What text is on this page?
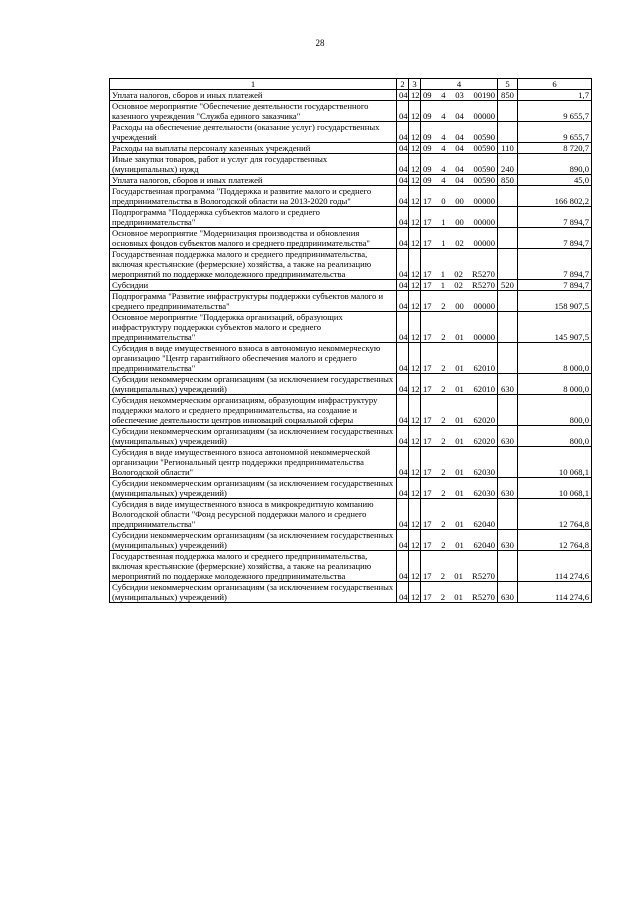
28
1	2	3	4	5	6
Уплата налогов, сборов и иных платежей	04	12	09 4 03 00190	850	1,7
Основное мероприятие "Обеспечение деятельности государственного казенного учреждения "Служба единого заказчика"	04	12	09 4 04 00000		9 655,7
Расходы на обеспечение деятельности (оказание услуг) государственных учреждений	04	12	09 4 04 00590		9 655,7
Расходы на выплаты персоналу казенных учреждений	04	12	09 4 04 00590	110	8 720,7
Иные закупки товаров, работ и услуг для государственных (муниципальных) нужд	04	12	09 4 04 00590	240	890,0
Уплата налогов, сборов и иных платежей	04	12	09 4 04 00590	850	45,0
Государственная программа "Поддержка и развитие малого и среднего предпринимательства в Вологодской области на 2013-2020 годы"	04	12	17 0 00 00000		166 802,2
Подпрограмма "Поддержка субъектов малого и среднего предпринимательства"	04	12	17 1 00 00000		7 894,7
Основное мероприятие "Модернизация производства и обновления основных фондов субъектов малого и среднего предпринимательства"	04	12	17 1 02 00000		7 894,7
Государственная поддержка малого и среднего предпринимательства, включая крестьянские (фермерские) хозяйства, а также на реализацию мероприятий по поддержке молодежного предпринимательства	04	12	17 1 02 R5270		7 894,7
Субсидии	04	12	17 1 02 R5270	520	7 894,7
Подпрограмма "Развитие инфраструктуры поддержки субъектов малого и среднего предпринимательства"	04	12	17 2 00 00000		158 907,5
Основное мероприятие "Поддержка организаций, образующих инфраструктуру поддержки субъектов малого и среднего предпринимательства"	04	12	17 2 01 00000		145 907,5
Субсидия в виде имущественного взноса в автономную некоммерческую организацию "Центр гарантийного обеспечения малого и среднего предпринимательства"	04	12	17 2 01 62010		8 000,0
Субсидии некоммерческим организациям (за исключением государственных (муниципальных) учреждений)	04	12	17 2 01 62010	630	8 000,0
Субсидия некоммерческим организациям, образующим инфраструктуру поддержки малого и среднего предпринимательства, на создание и обеспечение деятельности центров инноваций социальной сферы	04	12	17 2 01 62020		800,0
Субсидии некоммерческим организациям (за исключением государственных (муниципальных) учреждений)	04	12	17 2 01 62020	630	800,0
Субсидия в виде имущественного взноса автономной некоммерческой организации "Региональный центр поддержки предпринимательства Вологодской области"	04	12	17 2 01 62030		10 068,1
Субсидии некоммерческим организациям (за исключением государственных (муниципальных) учреждений)	04	12	17 2 01 62030	630	10 068,1
Субсидия в виде имущественного взноса в микрокредитную компанию Вологодской области "Фонд ресурсной поддержки малого и среднего предпринимательства"	04	12	17 2 01 62040		12 764,8
Субсидии некоммерческим организациям (за исключением государственных (муниципальных) учреждений)	04	12	17 2 01 62040	630	12 764,8
Государственная поддержка малого и среднего предпринимательства, включая крестьянские (фермерские) хозяйства, а также на реализацию мероприятий по поддержке молодежного предпринимательства	04	12	17 2 01 R5270		114 274,6
Субсидии некоммерческим организациям (за исключением государственных (муниципальных) учреждений)	04	12	17 2 01 R5270	630	114 274,6
